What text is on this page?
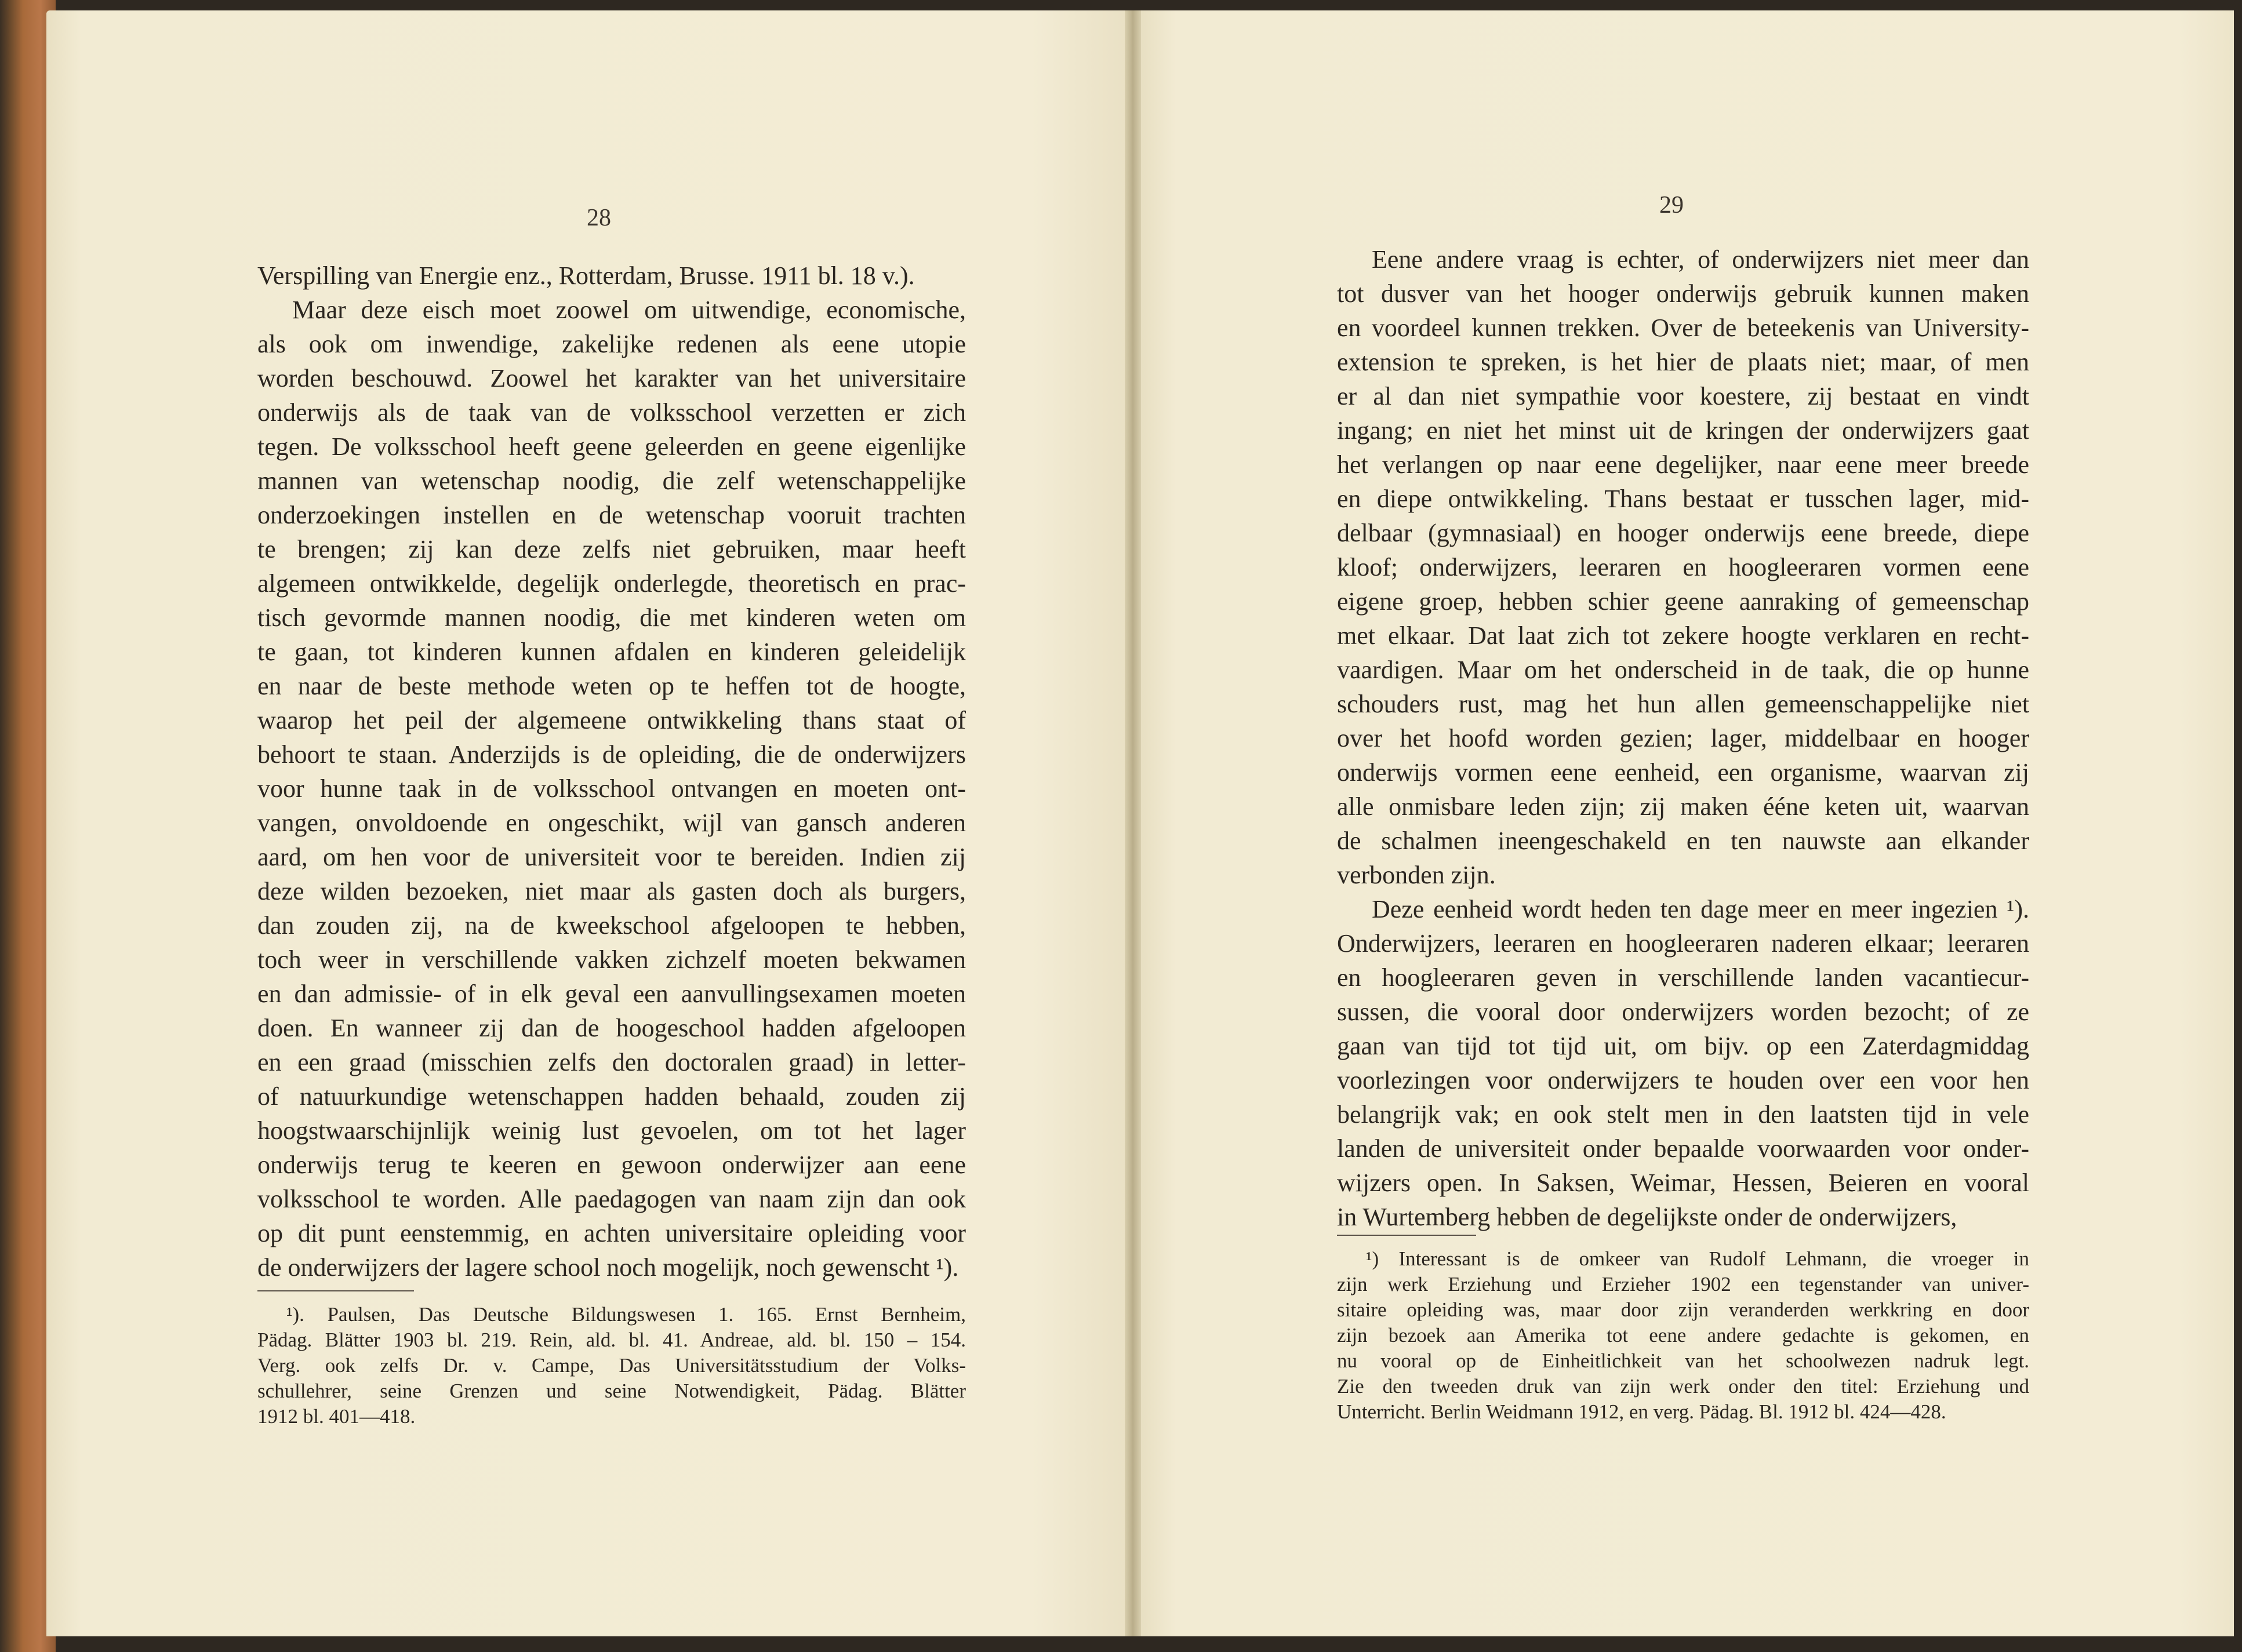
28
Verspilling van Energie enz., Rotterdam, Brusse. 1911 bl. 18 v.).
Maar deze eisch moet zoowel om uitwendige, economische,
als ook om inwendige, zakelijke redenen als eene utopie
worden beschouwd. Zoowel het karakter van het universitaire
onderwijs als de taak van de volksschool verzetten er zich
tegen. De volksschool heeft geene geleerden en geene eigenlijke
mannen van wetenschap noodig, die zelf wetenschappelijke
onderzoekingen instellen en de wetenschap vooruit trachten
te brengen; zij kan deze zelfs niet gebruiken, maar heeft
algemeen ontwikkelde, degelijk onderlegde, theoretisch en prac-
tisch gevormde mannen noodig, die met kinderen weten om
te gaan, tot kinderen kunnen afdalen en kinderen geleidelijk
en naar de beste methode weten op te heffen tot de hoogte,
waarop het peil der algemeene ontwikkeling thans staat of
behoort te staan. Anderzijds is de opleiding, die de onderwijzers
voor hunne taak in de volksschool ontvangen en moeten ont-
vangen, onvoldoende en ongeschikt, wijl van gansch anderen
aard, om hen voor de universiteit voor te bereiden. Indien zij
deze wilden bezoeken, niet maar als gasten doch als burgers,
dan zouden zij, na de kweekschool afgeloopen te hebben,
toch weer in verschillende vakken zichzelf moeten bekwamen
en dan admissie- of in elk geval een aanvullingsexamen moeten
doen. En wanneer zij dan de hoogeschool hadden afgeloopen
en een graad (misschien zelfs den doctoralen graad) in letter-
of natuurkundige wetenschappen hadden behaald, zouden zij
hoogstwaarschijnlijk weinig lust gevoelen, om tot het lager
onderwijs terug te keeren en gewoon onderwijzer aan eene
volksschool te worden. Alle paedagogen van naam zijn dan ook
op dit punt eenstemmig, en achten universitaire opleiding voor
de onderwijzers der lagere school noch mogelijk, noch gewenscht ¹).
¹). Paulsen, Das Deutsche Bildungswesen 1. 165. Ernst Bernheim,
Pädag. Blätter 1903 bl. 219. Rein, ald. bl. 41. Andreae, ald. bl. 150 – 154.
Verg. ook zelfs Dr. v. Campe, Das Universitätsstudium der Volks-
schullehrer, seine Grenzen und seine Notwendigkeit, Pädag. Blätter
1912 bl. 401—418.
29
Eene andere vraag is echter, of onderwijzers niet meer dan
tot dusver van het hooger onderwijs gebruik kunnen maken
en voordeel kunnen trekken. Over de beteekenis van University-
extension te spreken, is het hier de plaats niet; maar, of men
er al dan niet sympathie voor koestere, zij bestaat en vindt
ingang; en niet het minst uit de kringen der onderwijzers gaat
het verlangen op naar eene degelijker, naar eene meer breede
en diepe ontwikkeling. Thans bestaat er tusschen lager, mid-
delbaar (gymnasiaal) en hooger onderwijs eene breede, diepe
kloof; onderwijzers, leeraren en hoogleeraren vormen eene
eigene groep, hebben schier geene aanraking of gemeenschap
met elkaar. Dat laat zich tot zekere hoogte verklaren en recht-
vaardigen. Maar om het onderscheid in de taak, die op hunne
schouders rust, mag het hun allen gemeenschappelijke niet
over het hoofd worden gezien; lager, middelbaar en hooger
onderwijs vormen eene eenheid, een organisme, waarvan zij
alle onmisbare leden zijn; zij maken ééne keten uit, waarvan
de schalmen ineengeschakeld en ten nauwste aan elkander
verbonden zijn.
Deze eenheid wordt heden ten dage meer en meer ingezien ¹).
Onderwijzers, leeraren en hoogleeraren naderen elkaar; leeraren
en hoogleeraren geven in verschillende landen vacantiecur-
sussen, die vooral door onderwijzers worden bezocht; of ze
gaan van tijd tot tijd uit, om bijv. op een Zaterdagmiddag
voorlezingen voor onderwijzers te houden over een voor hen
belangrijk vak; en ook stelt men in den laatsten tijd in vele
landen de universiteit onder bepaalde voorwaarden voor onder-
wijzers open. In Saksen, Weimar, Hessen, Beieren en vooral
in Wurtemberg hebben de degelijkste onder de onderwijzers,
¹) Interessant is de omkeer van Rudolf Lehmann, die vroeger in
zijn werk Erziehung und Erzieher 1902 een tegenstander van univer-
sitaire opleiding was, maar door zijn veranderden werkkring en door
zijn bezoek aan Amerika tot eene andere gedachte is gekomen, en
nu vooral op de Einheitlichkeit van het schoolwezen nadruk legt.
Zie den tweeden druk van zijn werk onder den titel: Erziehung und
Unterricht. Berlin Weidmann 1912, en verg. Pädag. Bl. 1912 bl. 424—428.
